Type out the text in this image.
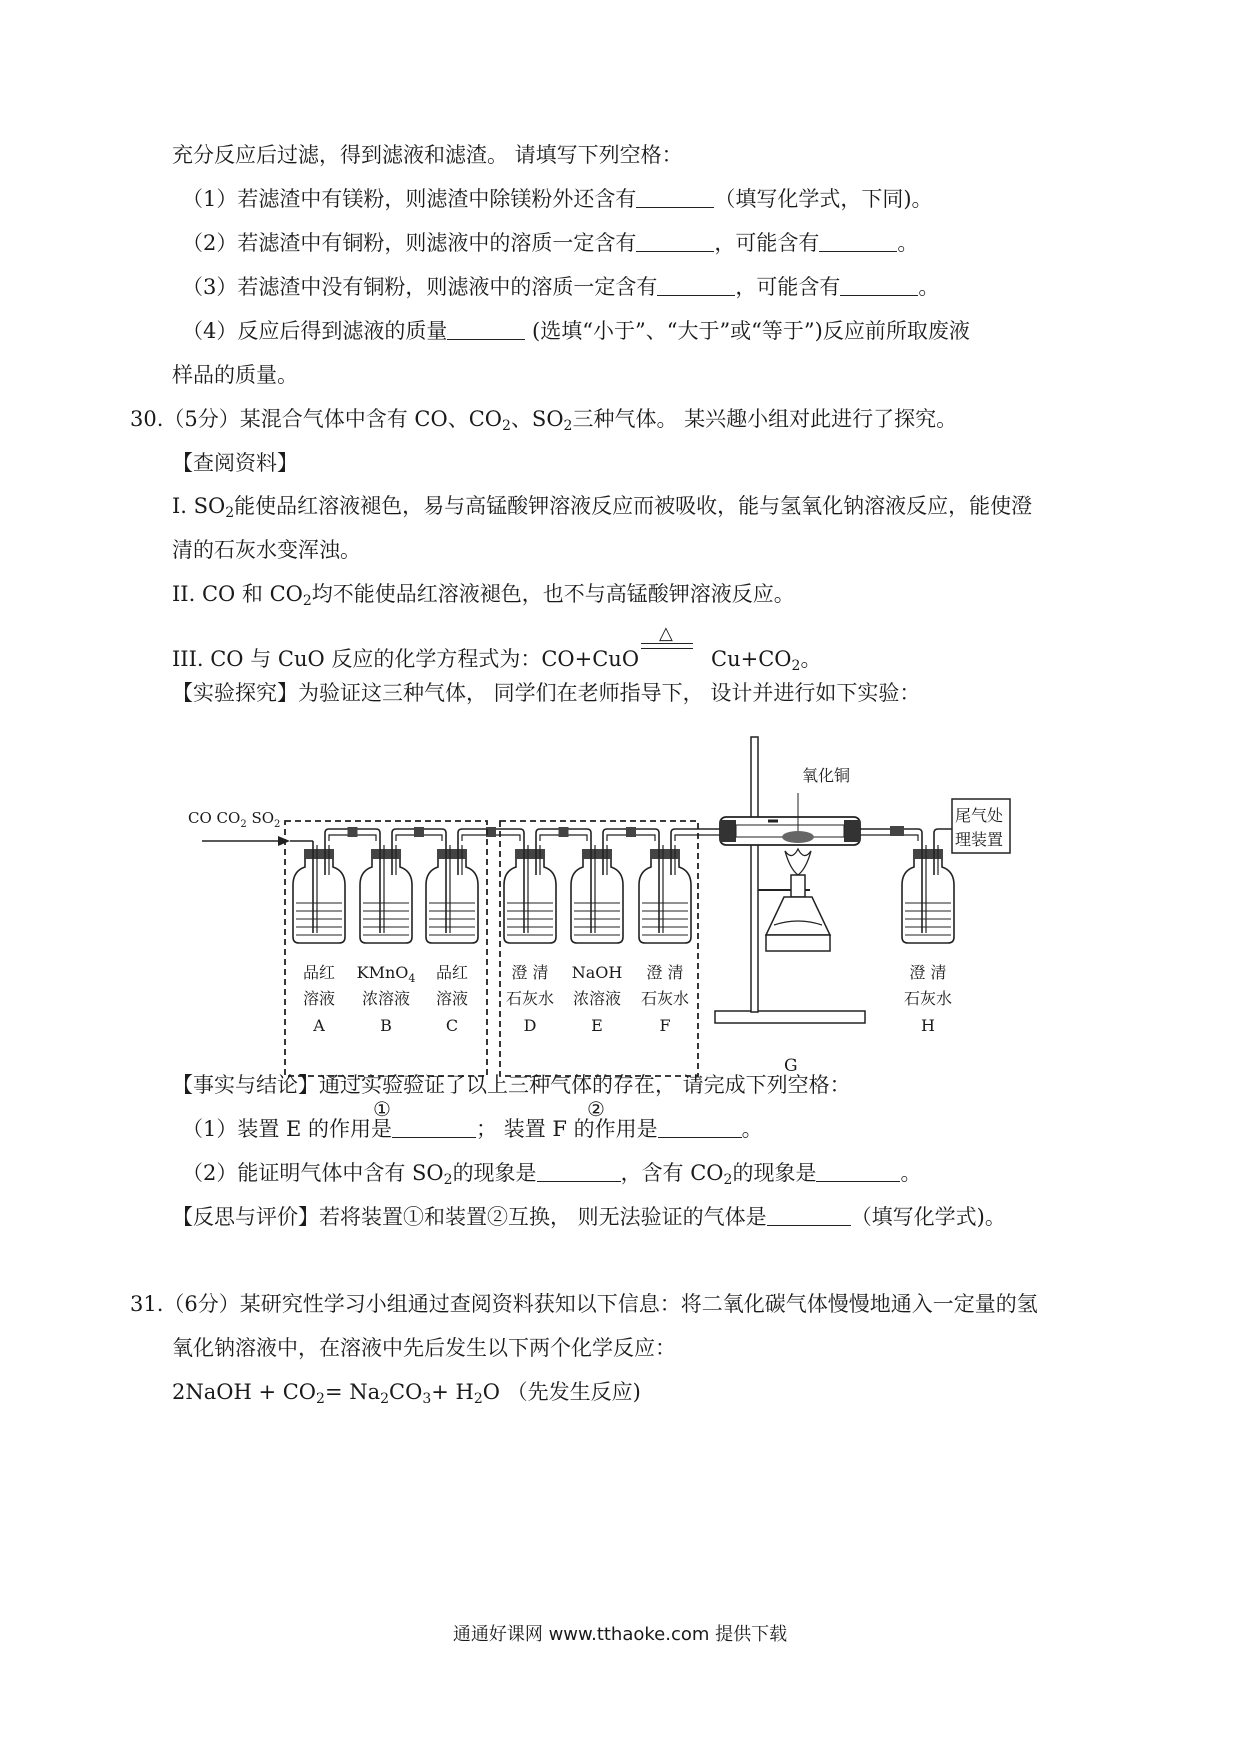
充分反应后过滤，得到滤液和滤渣。 请填写下列空格：
（1）若滤渣中有镁粉，则滤渣中除镁粉外还含有	（填写化学式，下同)。
（2）若滤渣中有铜粉，则滤液中的溶质一定含有	，可能含有	。
（3）若滤渣中没有铜粉，则滤液中的溶质一定含有	，可能含有	。
（4）反应后得到滤液的质量	(选填“小于”、“大于”或“等于”)反应前所取废液
样品的质量。
30.（5分）某混合气体中含有 CO、$CO_2$、$SO_2$三种气体。 某兴趣小组对此进行了探究。
【查阅资料】
I. $SO_2$能使品红溶液褪色，易与高锰酸钾溶液反应而被吸收，能与氢氧化钠溶液反应，能使澄
清的石灰水变浑浊。
II. CO 和 $CO_2$均不能使品红溶液褪色，也不与高锰酸钾溶液反应。
III. CO 与 CuO 反应的化学方程式为：CO+CuO
△
$Cu+CO_2$。
【实验探究】为验证这三种气体， 同学们在老师指导下， 设计并进行如下实验：
CO $CO_2$ $SO_2$
品红
溶液
A
KMnO$_4$
浓溶液
B
品红
溶液
C
澄 清
石灰水
D
NaOH
浓溶液
E
澄 清
石灰水
F
澄 清
石灰水
H
①	②
氧化铜
G
尾气处
理装置
【事实与结论】通过实验验证了以上三种气体的存在， 请完成下列空格：
（1）装置 E 的作用是	； 装置 F 的作用是	。
（2）能证明气体中含有 $SO_2$的现象是	，含有 $CO_2$的现象是	。
【反思与评价】若将装置①和装置②互换， 则无法验证的气体是	（填写化学式)。
31.（6分）某研究性学习小组通过查阅资料获知以下信息：将二氧化碳气体慢慢地通入一定量的氢
氧化钠溶液中，在溶液中先后发生以下两个化学反应：
2NaOH + $CO_2= Na_2CO_3+ H_2O$ （先发生反应)
通通好课网 www.tthaoke.com 提供下载
